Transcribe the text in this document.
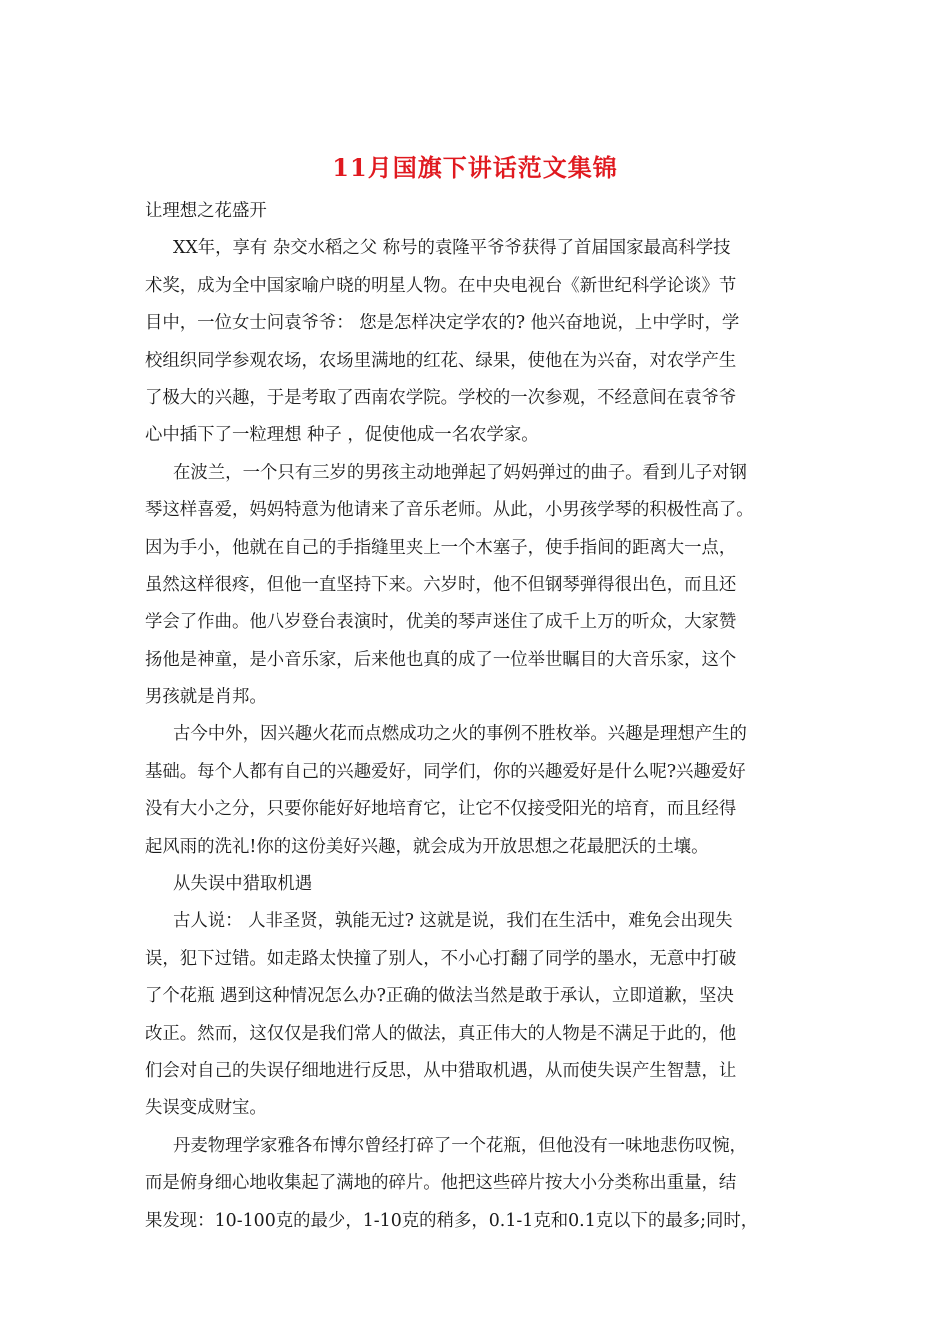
11月国旗下讲话范文集锦
让理想之花盛开
XX年，享有 杂交水稻之父 称号的袁隆平爷爷获得了首届国家最高科学技
术奖，成为全中国家喻户晓的明星人物。在中央电视台《新世纪科学论谈》节
目中，一位女士问袁爷爷： 您是怎样决定学农的? 他兴奋地说，上中学时，学
校组织同学参观农场，农场里满地的红花、绿果，使他在为兴奋，对农学产生
了极大的兴趣，于是考取了西南农学院。学校的一次参观，不经意间在袁爷爷
心中插下了一粒理想 种子 ，促使他成一名农学家。
在波兰，一个只有三岁的男孩主动地弹起了妈妈弹过的曲子。看到儿子对钢
琴这样喜爱，妈妈特意为他请来了音乐老师。从此，小男孩学琴的积极性高了。
因为手小，他就在自己的手指缝里夹上一个木塞子，使手指间的距离大一点，
虽然这样很疼，但他一直坚持下来。六岁时，他不但钢琴弹得很出色，而且还
学会了作曲。他八岁登台表演时，优美的琴声迷住了成千上万的听众，大家赞
扬他是神童，是小音乐家，后来他也真的成了一位举世瞩目的大音乐家，这个
男孩就是肖邦。
古今中外，因兴趣火花而点燃成功之火的事例不胜枚举。兴趣是理想产生的
基础。每个人都有自己的兴趣爱好，同学们，你的兴趣爱好是什么呢?兴趣爱好
没有大小之分，只要你能好好地培育它，让它不仅接受阳光的培育，而且经得
起风雨的洗礼!你的这份美好兴趣，就会成为开放思想之花最肥沃的土壤。
从失误中猎取机遇
古人说： 人非圣贤，孰能无过? 这就是说，我们在生活中，难免会出现失
误，犯下过错。如走路太快撞了别人，不小心打翻了同学的墨水，无意中打破
了个花瓶 遇到这种情况怎么办?正确的做法当然是敢于承认，立即道歉，坚决
改正。然而，这仅仅是我们常人的做法，真正伟大的人物是不满足于此的，他
们会对自己的失误仔细地进行反思，从中猎取机遇，从而使失误产生智慧，让
失误变成财宝。
丹麦物理学家雅各布博尔曾经打碎了一个花瓶，但他没有一味地悲伤叹惋，
而是俯身细心地收集起了满地的碎片。他把这些碎片按大小分类称出重量，结
果发现：10-100克的最少，1-10克的稍多，0.1-1克和0.1克以下的最多;同时，
